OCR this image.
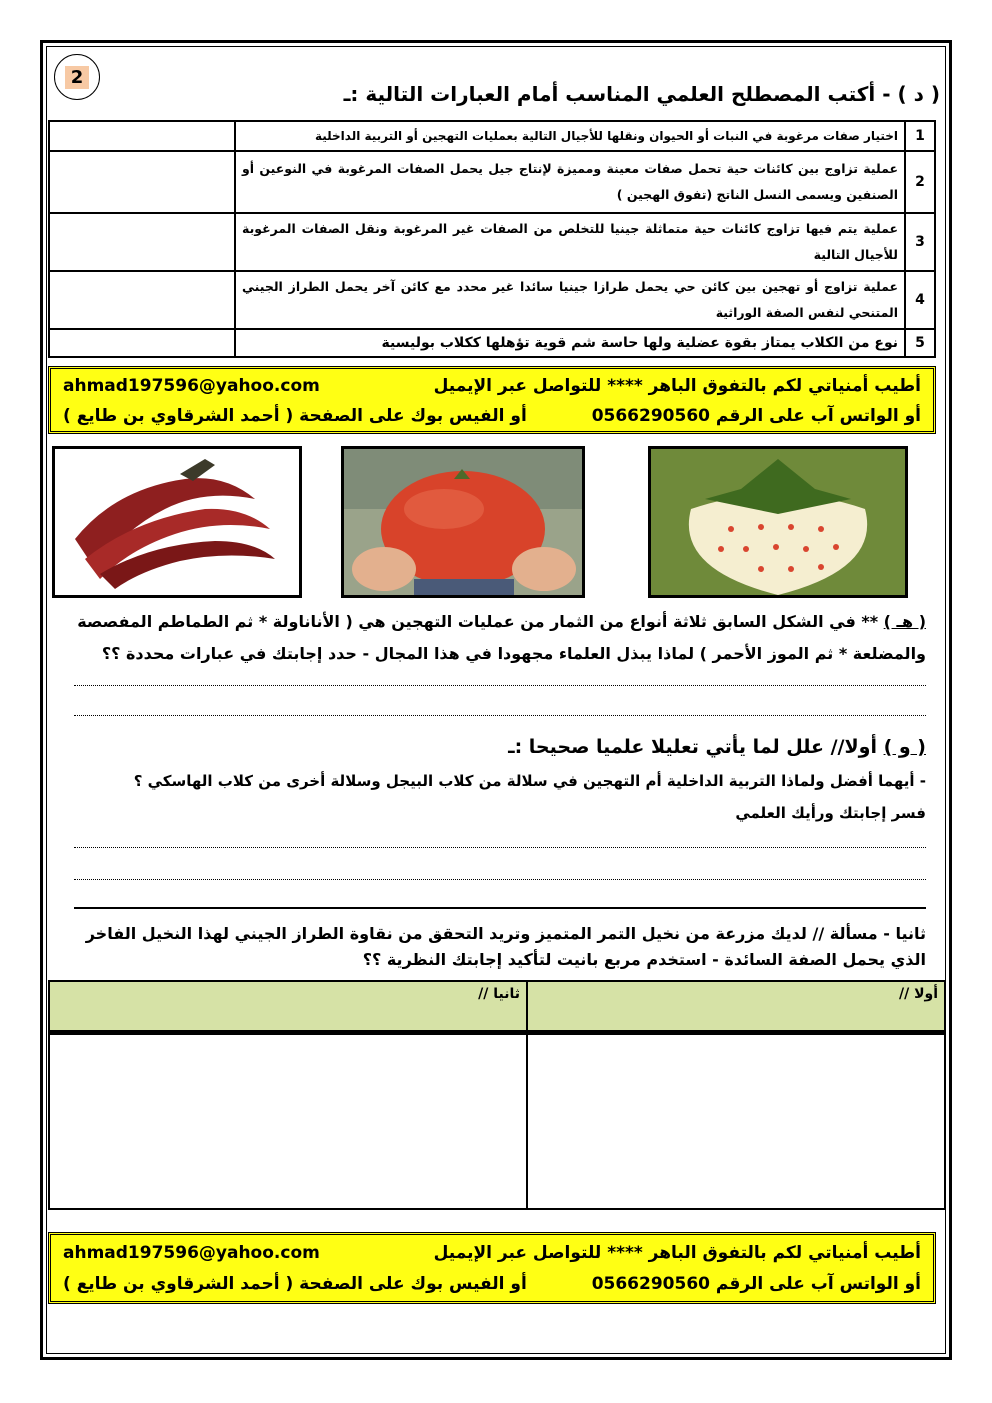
2
( د ) - أكتب المصطلح العلمي المناسب أمام العبارات التالية :ـ
1	اختيار صفات مرغوبة في النبات أو الحيوان ونقلها للأجيال التالية بعمليات التهجين أو التربية الداخلية	
2	عملية تزاوج بين كائنات حية تحمل صفات معينة ومميزة لإنتاج جيل يحمل الصفات المرغوبة في النوعين أو الصنفين ويسمى النسل الناتج (تفوق الهجين )	
3	عملية يتم فيها تزاوج كائنات حية متماثلة جينيا للتخلص من الصفات غير المرغوبة ونقل الصفات المرغوبة للأجيال التالية	
4	عملية تزاوج أو تهجين بين كائن حي يحمل طرازا جينيا سائدا غير محدد مع كائن آخر يحمل الطراز الجيني المتنحي لنفس الصفة الوراثية	
5	نوع من الكلاب يمتاز بقوة عضلية ولها حاسة شم قوية تؤهلها ككلاب بوليسية	
أطيب أمنياتي لكم بالتفوق الباهر **** للتواصل عبر الإيميل
ahmad197596@yahoo.com
أو الواتس آب على الرقم 0566290560
أو الفيس بوك على الصفحة ( أحمد الشرقاوي بن طايع )
( هـ ) ** في الشكل السابق ثلاثة أنواع من الثمار من عمليات التهجين هي ( الأناناولة * ثم الطماطم المفصصة
والمضلعة * ثم الموز الأحمر ) لماذا يبذل العلماء مجهودا في هذا المجال - حدد إجابتك في عبارات محددة ؟؟
( و ) أولا// علل لما يأتي تعليلا علميا صحيحا :ـ
- أيهما أفضل ولماذا التربية الداخلية أم التهجين في سلالة من كلاب البيجل وسلالة أخرى من كلاب الهاسكي ؟
فسر إجابتك ورأيك العلمي
ثانيا - مسألة // لديك مزرعة من نخيل التمر المتميز وتريد التحقق من نقاوة الطراز الجيني لهذا النخيل الفاخر
الذي يحمل الصفة السائدة - استخدم مربع بانيت لتأكيد إجابتك النظرية ؟؟
أولا //
ثانيا //
أطيب أمنياتي لكم بالتفوق الباهر **** للتواصل عبر الإيميل
ahmad197596@yahoo.com
أو الواتس آب على الرقم 0566290560
أو الفيس بوك على الصفحة ( أحمد الشرقاوي بن طايع )
